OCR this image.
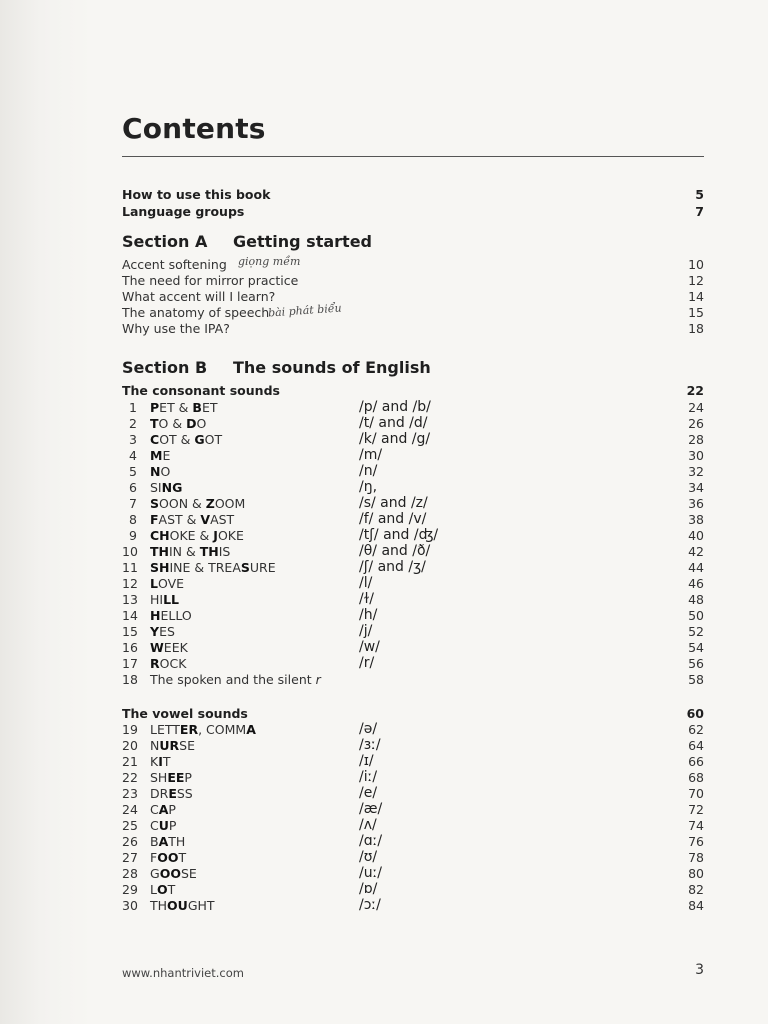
Contents
How to use this book	5
Language groups	7
Section A Getting started
Accent softening	10
The need for mirror practice	12
What accent will I learn?	14
The anatomy of speech	15
Why use the IPA?	18
giọng mềm
bài phát biểu
Section B The sounds of English
The consonant sounds	22
1 PET & BET	/p/ and /b/	24
2 TO & DO	/t/ and /d/	26
3 COT & GOT	/k/ and /g/	28
4 ME	/m/	30
5 NO	/n/	32
6 SING	/ŋ,	34
7 SOON & ZOOM	/s/ and /z/	36
8 FAST & VAST	/f/ and /v/	38
9 CHOKE & JOKE	/tʃ/ and /ʤ/	40
10 THIN & THIS	/θ/ and /ð/	42
11 SHINE & TREASURE	/ʃ/ and /ʒ/	44
12 LOVE	/l/	46
13 HILL	/ɫ/	48
14 HELLO	/h/	50
15 YES	/j/	52
16 WEEK	/w/	54
17 ROCK	/r/	56
18 The spoken and the silent r	58
The vowel sounds	60
19 LETTER, COMMA	/ə/	62
20 NURSE	/ɜː/	64
21 KIT	/ɪ/	66
22 SHEEP	/iː/	68
23 DRESS	/e/	70
24 CAP	/æ/	72
25 CUP	/ʌ/	74
26 BATH	/ɑː/	76
27 FOOT	/ʊ/	78
28 GOOSE	/uː/	80
29 LOT	/ɒ/	82
30 THOUGHT	/ɔː/	84
www.nhantriviet.com	3
